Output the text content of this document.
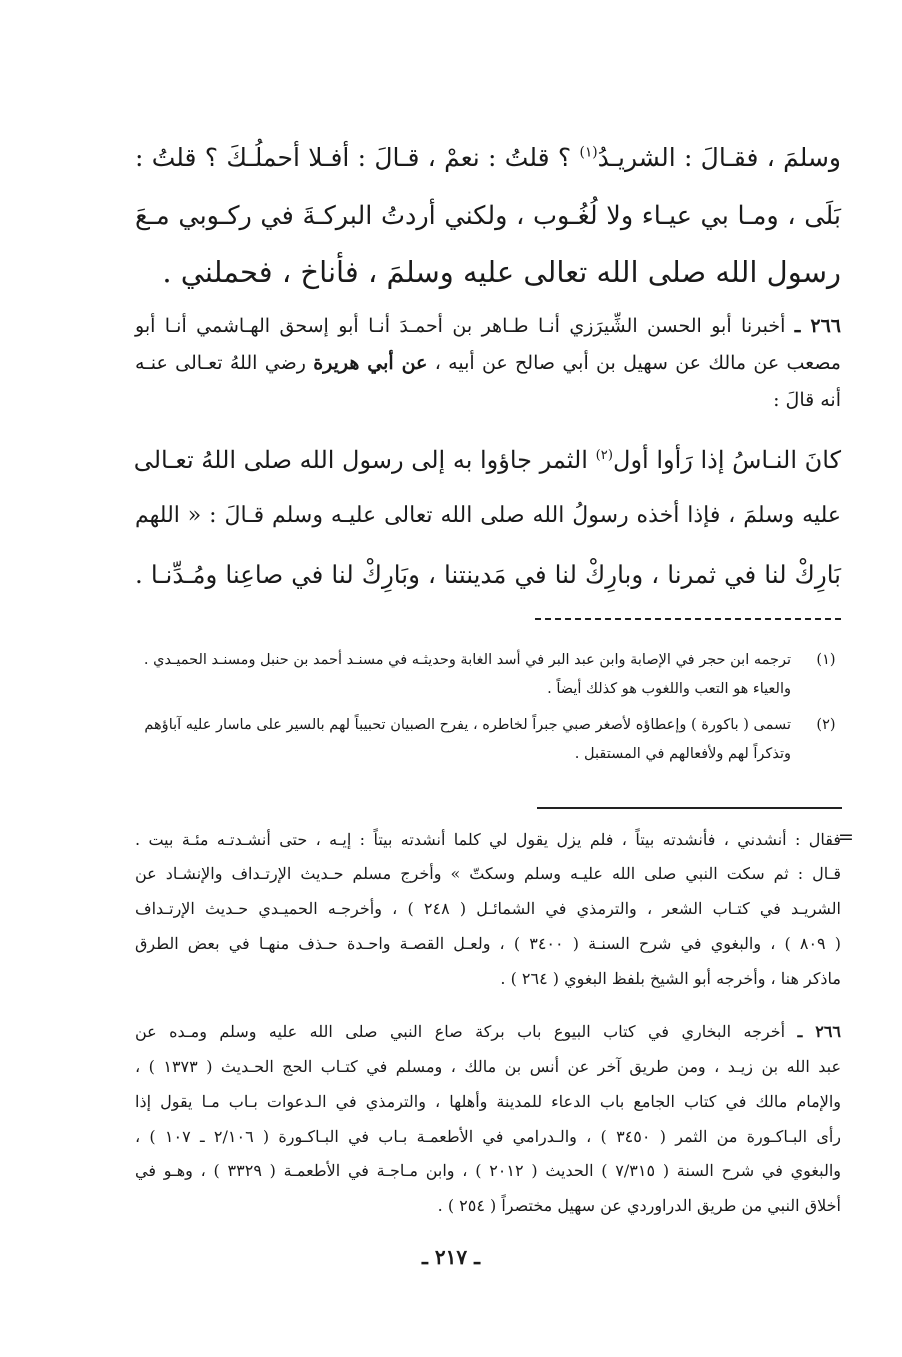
وسلمَ ، فقـالَ : الشريـدُ$^{(١)}$ ؟ قلتُ : نعمْ ، قـالَ : أفـلا أحملُـكَ ؟ قلتُ :
بَلَى ، ومـا بي عيـاء ولا لُغُـوب ، ولكني أردتُ البركـةَ في ركـوبي مـعَ
رسول الله صلى الله تعالى عليه وسلمَ ، فأناخ ، فحملني .
٢٦٦ ـ أخبرنا أبو الحسن الشِّيرَزي أنـا طـاهر بن أحمـدَ أنـا أبو إسحق الهـاشمي أنـا أبو
مصعب عن مالك عن سهيل بن أبي صالح عن أبيه ، عن أبي هريرة رضي اللهُ تعـالى عنـه
أنه قالَ :
كانَ النـاسُ إذا رَأوا أول$^{(٢)}$ الثمر جاؤوا به إلى رسول الله صلى اللهُ تعـالى
عليه وسلمَ ، فإذا أخذه رسولُ الله صلى الله تعالى عليـه وسلم قـالَ : « اللهم
بَارِكْ لنا في ثمرنا ، وبارِكْ لنا في مَدينتنا ، وبَارِكْ لنا في صاعِنا ومُـدِّنـا .
(١)
ترجمه ابن حجر في الإصابة وابن عبد البر في أسد الغابة وحديثـه في مسنـد أحمد بن حنبل ومسنـد الحميـدي .
والعياء هو التعب واللغوب هو كذلك أيضاً .
(٢)
تسمى ( باكورة ) وإعطاؤه لأصغر صبي جبراً لخاطره ، يفرح الصبيان تحبيباً لهم بالسير على ماسار عليه آباؤهم
وتذكراً لهم ولأفعالهم في المستقبل .
فقال : أنشدني ، فأنشدته بيتاً ، فلم يزل يقول لي كلما أنشدته بيتاً : إيـه ، حتى أنشـدتـه مئـة بيت .
قـال : ثم سكت النبي صلى الله عليـه وسلم وسكتّ » وأخرج مسلم حـديث الإرتـداف والإنشـاد عن
الشريـد في كتـاب الشعر ، والترمذي في الشمائـل ( ٢٤٨ ) ، وأخرجـه الحميـدي حـديث الإرتـداف
( ٨٠٩ ) ، والبغوي في شرح السنـة ( ٣٤٠٠ ) ، ولعـل القصـة واحـدة حـذف منهـا في بعض الطرق
ماذكر هنا ، وأخرجه أبو الشيخ بلفظ البغوي ( ٢٦٤ ) .
٢٦٦ ـ أخرجه البخاري في كتاب البيوع باب بركة صاع النبي صلى الله عليه وسلم ومـده عن
عبد الله بن زيـد ، ومن طريق آخر عن أنس بن مالك ، ومسلم في كتـاب الحج الحـديث ( ١٣٧٣ ) ،
والإمام مالك في كتاب الجامع باب الدعاء للمدينة وأهلها ، والترمذي في الـدعوات بـاب مـا يقول إذا
رأى البـاكـورة من الثمر ( ٣٤٥٠ ) ، والـدرامي في الأطعمـة بـاب في البـاكـورة ( ٢/١٠٦ ـ ١٠٧ ) ،
والبغوي في شرح السنة ( ٧/٣١٥ ) الحديث ( ٢٠١٢ ) ، وابن مـاجـة في الأطعمـة ( ٣٣٢٩ ) ، وهـو في
أخلاق النبي من طريق الدراوردي عن سهيل مختصراً ( ٢٥٤ ) .
=
ـ ٢١٧ ـ
